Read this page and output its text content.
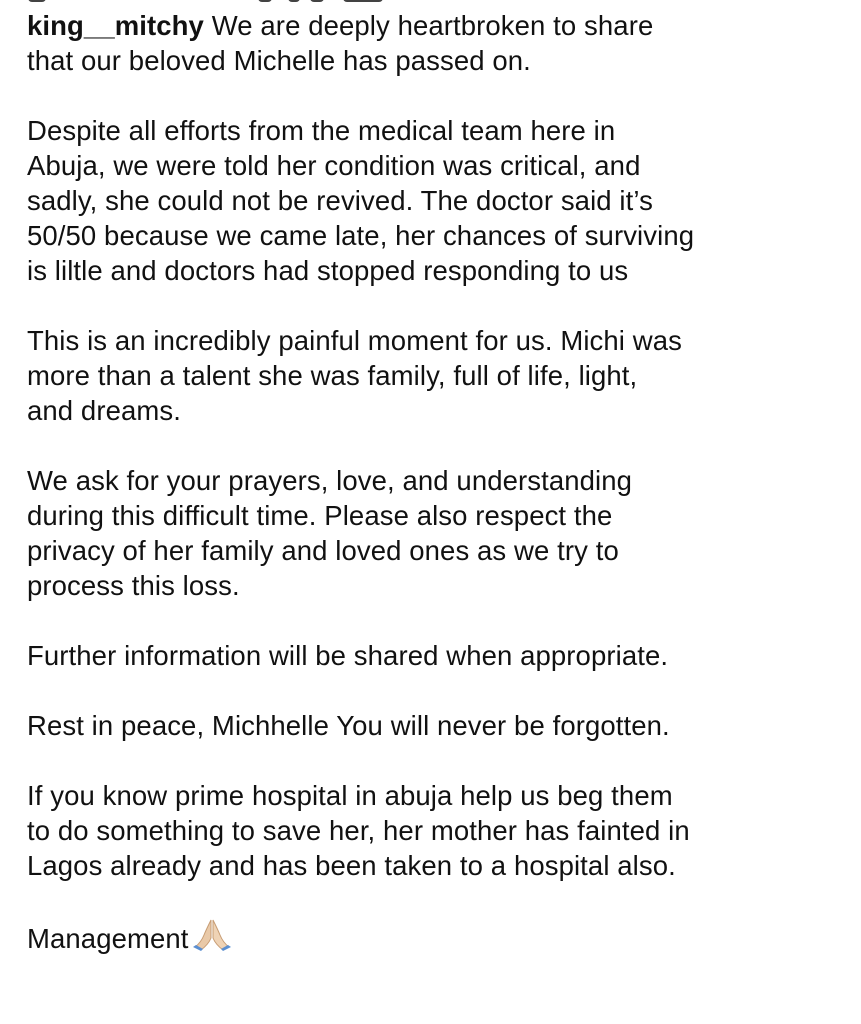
king__mitchy We are deeply heartbroken to share
that our beloved Michelle has passed on.
Despite all efforts from the medical team here in
Abuja, we were told her condition was critical, and
sadly, she could not be revived. The doctor said it’s
50/50 because we came late, her chances of surviving
is liltle and doctors had stopped responding to us
This is an incredibly painful moment for us. Michi was
more than a talent she was family, full of life, light,
and dreams.
We ask for your prayers, love, and understanding
during this difficult time. Please also respect the
privacy of her family and loved ones as we try to
process this loss.
Further information will be shared when appropriate.
Rest in peace, Michhelle You will never be forgotten.
If you know prime hospital in abuja help us beg them
to do something to save her, her mother has fainted in
Lagos already and has been taken to a hospital also.
Management
